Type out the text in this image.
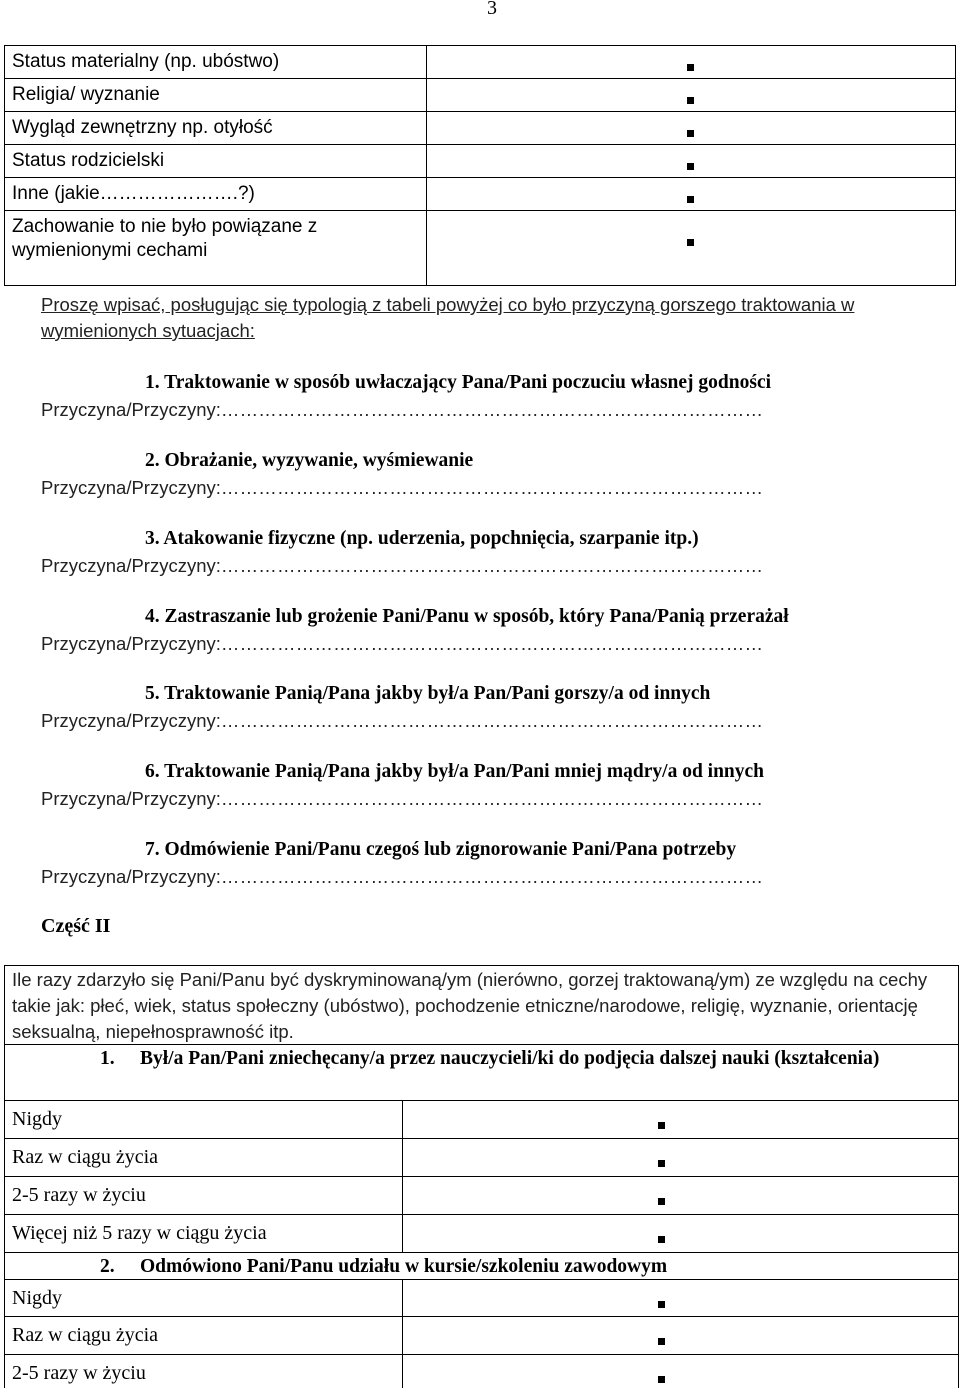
3
Status materialny (np. ubóstwo)
Religia/ wyznanie
Wygląd zewnętrzny np. otyłość
Status rodzicielski
Inne (jakie………………….?)
Zachowanie to nie było powiązane z wymienionymi cechami
Proszę wpisać, posługując się typologią z tabeli powyżej co było przyczyną gorszego traktowania w wymienionych sytuacjach:
1. Traktowanie w sposób uwłaczający Pana/Pani poczuciu własnej godności
Przyczyna/Przyczyny:……………………………………………………………………………
2. Obrażanie, wyzywanie, wyśmiewanie
Przyczyna/Przyczyny:……………………………………………………………………………
3. Atakowanie fizyczne (np. uderzenia, popchnięcia, szarpanie itp.)
Przyczyna/Przyczyny:……………………………………………………………………………
4. Zastraszanie lub grożenie Pani/Panu w sposób, który Pana/Panią przerażał
Przyczyna/Przyczyny:……………………………………………………………………………
5. Traktowanie Panią/Pana jakby był/a Pan/Pani gorszy/a od innych
Przyczyna/Przyczyny:……………………………………………………………………………
6. Traktowanie Panią/Pana jakby był/a Pan/Pani mniej mądry/a od innych
Przyczyna/Przyczyny:……………………………………………………………………………
7. Odmówienie Pani/Panu czegoś lub zignorowanie Pani/Pana potrzeby
Przyczyna/Przyczyny:……………………………………………………………………………
Część II
Ile razy zdarzyło się Pani/Panu być dyskryminowaną/ym (nierówno, gorzej traktowaną/ym) ze względu na cechy takie jak: płeć, wiek, status społeczny (ubóstwo), pochodzenie etniczne/narodowe, religię, wyznanie, orientację seksualną, niepełnosprawność itp.
1. Był/a Pan/Pani zniechęcany/a przez nauczycieli/ki do podjęcia dalszej nauki (kształcenia)
Nigdy
Raz w ciągu życia
2-5 razy w życiu
Więcej niż 5 razy w ciągu życia
2. Odmówiono Pani/Panu udziału w kursie/szkoleniu zawodowym
Nigdy
Raz w ciągu życia
2-5 razy w życiu
